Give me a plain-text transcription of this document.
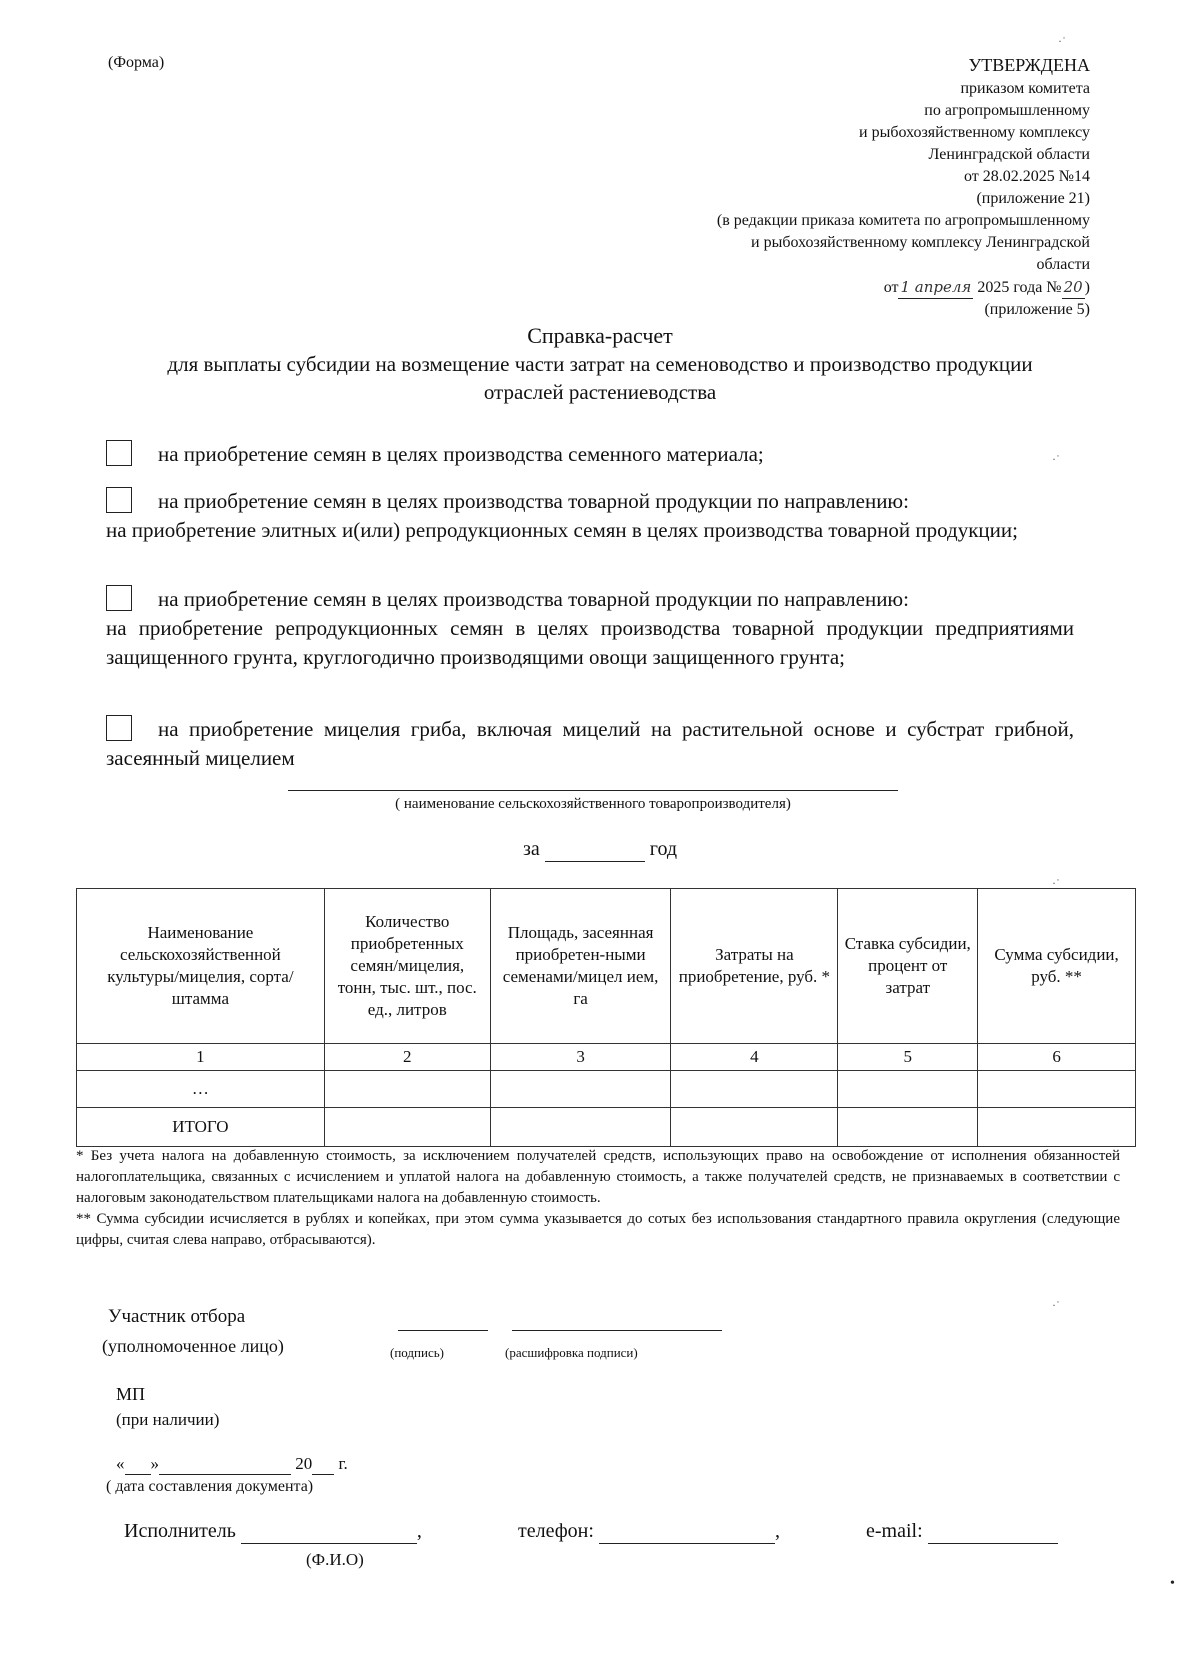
(Форма)	УТВЕРЖДЕНА
приказом комитета
по агропромышленному
и рыбохозяйственному комплексу
Ленинградской области
от 28.02.2025 №14
(приложение 21)
(в редакции приказа комитета по агропромышленному
и рыбохозяйственному комплексу Ленинградской
области
от 1 апреля 2025 года № 20 )
(приложение 5)
Справка-расчет
для выплаты субсидии на возмещение части затрат на семеноводство и производство продукции отраслей растениеводства

на приобретение семян в целях производства семенного материала;

на приобретение семян в целях производства товарной продукции по направлению:

на приобретение элитных и(или) репродукционных семян в целях производства товарной продукции;

на приобретение семян в целях производства товарной продукции по направлению:

на приобретение репродукционных семян в целях производства товарной продукции предприятиями защищенного грунта, круглогодично производящими овощи защищенного грунта;

на приобретение мицелия гриба, включая мицелий на растительной основе и субстрат грибной, засеянный мицелием

( наименование сельскохозяйственного товаропроизводителя)
за	год
Наименование сельскохозяйственной культуры/мицелия, сорта/штамма	Количество приобретенных семян/мицелия, тонн, тыс. шт., пос. ед., литров	Площадь, засеянная приобретен-ными семенами/мицел ием, га	Затраты на приобретение, руб. *	Ставка субсидии, процент от затрат	Сумма субсидии, руб. **
1	2	3	4	5	6
…					
ИТОГО					

* Без учета налога на добавленную стоимость, за исключением получателей средств, использующих право на освобождение от исполнения обязанностей налогоплательщика, связанных с исчислением и уплатой налога на добавленную стоимость, а также получателей средств, не признаваемых в соответствии с налоговым законодательством плательщиками налога на добавленную стоимость.

** Сумма субсидии исчисляется в рублях и копейках, при этом сумма указывается до сотых без использования стандартного правила округления (следующие цифры, считая слева направо, отбрасываются).

Участник отбора
(уполномоченное лицо)	(подпись)	(расшифровка подписи)
МП
(при наличии)
« »	20 г.
( дата составления документа)
Исполнитель	,
(Ф.И.О)
телефон:	,	e-mail:
·˙
·˙
·˙
·˙
•
